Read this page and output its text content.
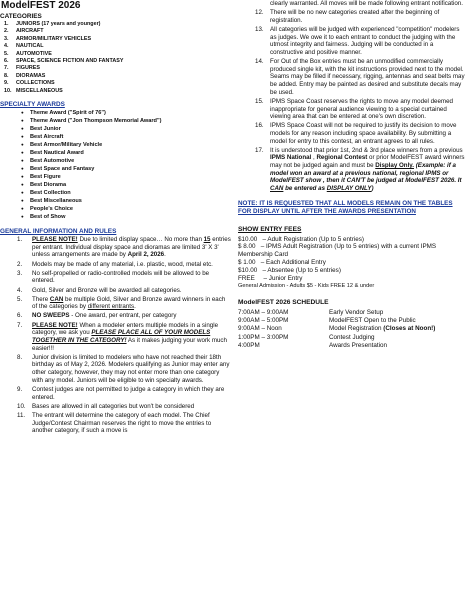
ModelFEST 2026
CATEGORIES
1. JUNIORS (17 years and younger)
2. AIRCRAFT
3. ARMOR/MILITARY VEHICLES
4. NAUTICAL
5. AUTOMOTIVE
6. SPACE, SCIENCE FICTION AND FANTASY
7. FIGURES
8. DIORAMAS
9. COLLECTIONS
10. MISCELLANEOUS
SPECIALTY AWARDS
● Theme Award ("Spirit of 76")
● Theme Award ("Jon Thompson Memorial Award")
● Best Junior
● Best Aircraft
● Best Armor/Military Vehicle
● Best Nautical Award
● Best Automotive
● Best Space and Fantasy
● Best Figure
● Best Diorama
● Best Collection
● Best Miscellaneous
● People's Choice
● Best of Show
GENERAL INFORMATION AND RULES
1. PLEASE NOTE! Due to limited display space… No more than 15 entries per entrant. Individual display space and dioramas are limited 3' X 3' unless arrangements are made by April 2, 2026.
2. Models may be made of any material, i.e. plastic, wood, metal etc.
3. No self-propelled or radio-controlled models will be allowed to be entered.
4. Gold, Silver and Bronze will be awarded all categories.
5. There CAN be multiple Gold, Silver and Bronze award winners in each of the categories by different entrants.
6. NO SWEEPS - One award, per entrant, per category
7. PLEASE NOTE! When a modeler enters multiple models in a single category, we ask you PLEASE PLACE ALL OF YOUR MODELS TOGETHER IN THE CATEGORY! As it makes judging your work much easier!!!
8. Junior division is limited to modelers who have not reached their 18th birthday as of May 2, 2026. Modelers qualifying as Junior may enter any other category, however, they may not enter more than one category with any model. Juniors will be eligible to win specialty awards.
9. Contest judges are not permitted to judge a category in which they are entered.
10. Bases are allowed in all categories but won't be considered
11. The entrant will determine the category of each model. The Chief Judge/Contest Chairman reserves the right to move the entries to another category, if such a move is
clearly warranted. All moves will be made following entrant notification.
12. There will be no new categories created after the beginning of registration.
13. All categories will be judged with experienced "competition" modelers as judges. We owe it to each entrant to conduct the judging with the utmost integrity and fairness. Judging will be conducted in a constructive and positive manner.
14. For Out of the Box entries must be an unmodified commercially produced single kit, with the kit instructions provided next to the model. Seams may be filled if necessary, rigging, antennas and seat belts may be added. Entry may be painted as desired and substitute decals may be used.
15. IPMS Space Coast reserves the rights to move any model deemed inappropriate for general audience viewing to a special curtained viewing area that can be entered at one's own discretion.
16. IPMS Space Coast will not be required to justify its decision to move models for any reason including space availability. By submitting a model for entry to this contest, an entrant agrees to all rules.
17. It is understood that prior 1st, 2nd & 3rd place winners from a previous IPMS National , Regional Contest or prior ModelFEST award winners may not be judged again and must be Display Only. (Example: if a model won an award at a previous national, regional IPMS or ModelFEST show , then it CAN'T be judged at ModelFEST 2026. It CAN be entered as DISPLAY ONLY)
NOTE: IT IS REQUESTED THAT ALL MODELS REMAIN ON THE TABLES FOR DISPLAY UNTIL AFTER THE AWARDS PRESENTATION
SHOW ENTRY FEES
$10.00   – Adult Registration (Up to 5 entries)
$ 8.00   – IPMS Adult Registration (Up to 5 entries) with a current IPMS Membership Card
$ 1.00   – Each Additional Entry
$10.00   – Absentee (Up to 5 entries)
FREE     – Junior Entry
General Admission - Adults $5 - Kids FREE 12 & under
ModelFEST 2026 SCHEDULE
7:00AM – 9:00AM	Early Vendor Setup
9:00AM – 5:00PM	ModelFEST Open to the Public
9:00AM – Noon	Model Registration (Closes at Noon!)
1:00PM – 3:00PM	Contest Judging
4:00PM	Awards Presentation
